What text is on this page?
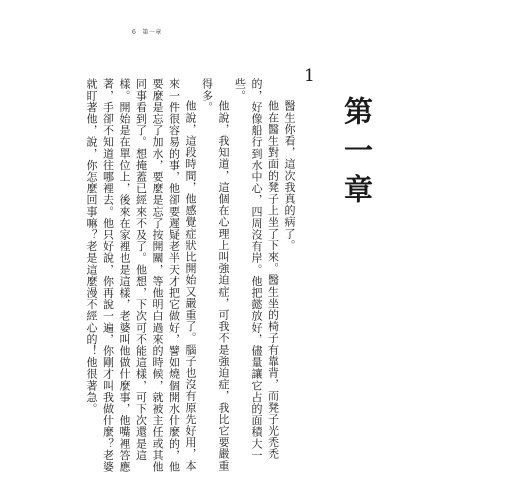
6 第一章
第一章
1

醫生你看，這次我真的病了。

他在醫生對面的凳子上坐了下來。醫生坐的椅子有靠背，而凳子光禿禿的，好像船行到水中心，四周沒有岸。他把懿放好，儘量讓它占的面積大一些。

他說，我知道，這個在心理上叫強迫症，可我不是強迫症，我比它要嚴重得多。

他說，這段時間，他感覺症狀比開始又嚴重了。腦子也沒有原先好用，本來一件很容易的事，他卻要遲疑老半天才把它做好，譬如燒個開水什麼的，他要麼是忘了加水，要麼是忘了按開關，等他明白過來的時候，就被主任或其他同事看到了。想掩蓋已經來不及了。他想，下次可不能這樣，可下次還是這樣。開始是在單位上，後來在家裡也是這樣，老婆叫他做什麼事，他嘴裡答應著，手卻不知道往哪裡去。他只好說，你再說一遍，你剛才叫我做什麼？老婆就盯著他，說，你怎麼回事嘛？老是這麼漫不經心的！他很著急。
